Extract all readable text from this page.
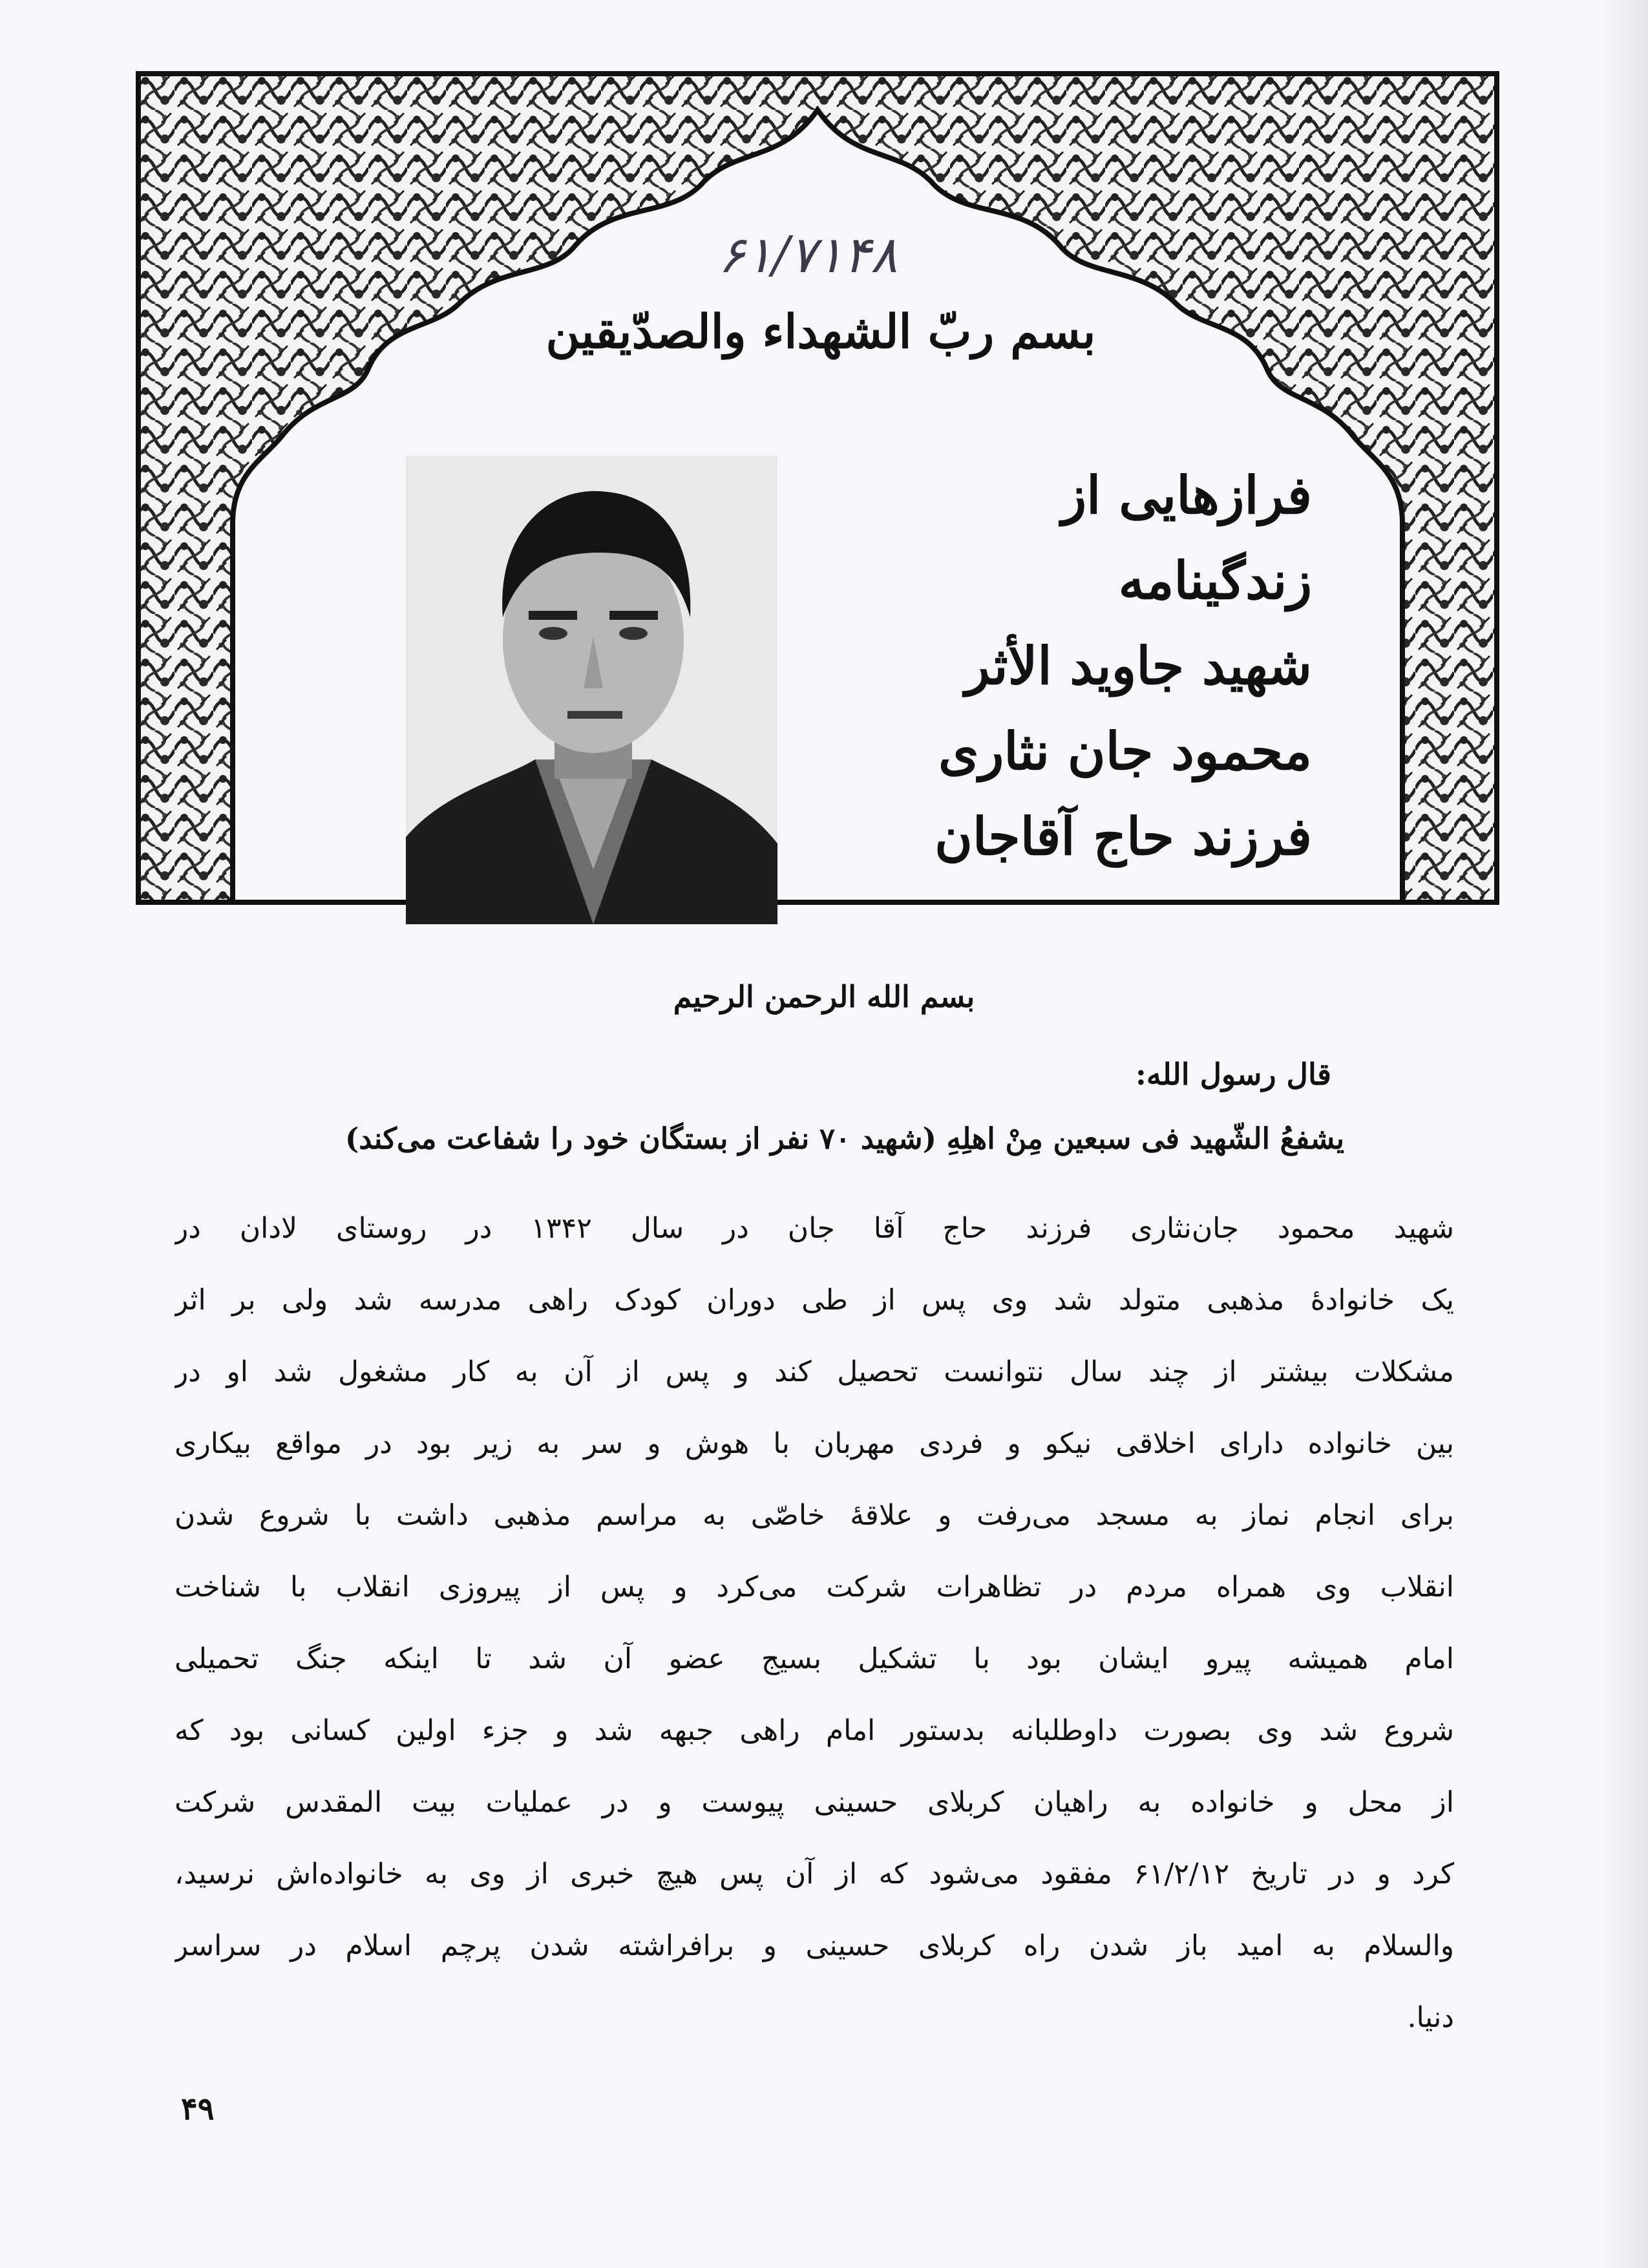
۶۱/۷۱۴۸
بسم ربّ الشهداء والصدّیقین
فرازهایی از
زندگینامه
شهید جاوید الأثر
محمود جان نثاری
فرزند حاج آقاجان
بسم الله الرحمن الرحیم
قال رسول الله:
یشفعُ الشّهید فی سبعین مِنْ اهلِهِ (شهید ۷۰ نفر از بستگان خود را شفاعت می‌کند)
شهید محمود جان‌نثاری فرزند حاج آقا جان در سال ۱۳۴۲ در روستای لادان در
یک خانوادهٔ مذهبی متولد شد وی پس از طی دوران کودک راهی مدرسه شد ولی بر اثر
مشکلات بیشتر از چند سال نتوانست تحصیل کند و پس از آن به کار مشغول شد او در
بین خانواده دارای اخلاقی نیکو و فردی مهربان با هوش و سر به زیر بود در مواقع بیکاری
برای انجام نماز به مسجد می‌رفت و علاقهٔ خاصّی به مراسم مذهبی داشت با شروع شدن
انقلاب وی همراه مردم در تظاهرات شرکت می‌کرد و پس از پیروزی انقلاب با شناخت
امام همیشه پیرو ایشان بود با تشکیل بسیج عضو آن شد تا اینکه جنگ تحمیلی
شروع شد وی بصورت داوطلبانه بدستور امام راهی جبهه شد و جزء اولین کسانی بود که
از محل و خانواده به راهیان کربلای حسینی پیوست و در عملیات بیت المقدس شرکت
کرد و در تاریخ ۶۱/۲/۱۲ مفقود می‌شود که از آن پس هیچ خبری از وی به خانواده‌اش نرسید،
والسلام به امید باز شدن راه کربلای حسینی و برافراشته شدن پرچم اسلام در سراسر
دنیا.
۴۹
